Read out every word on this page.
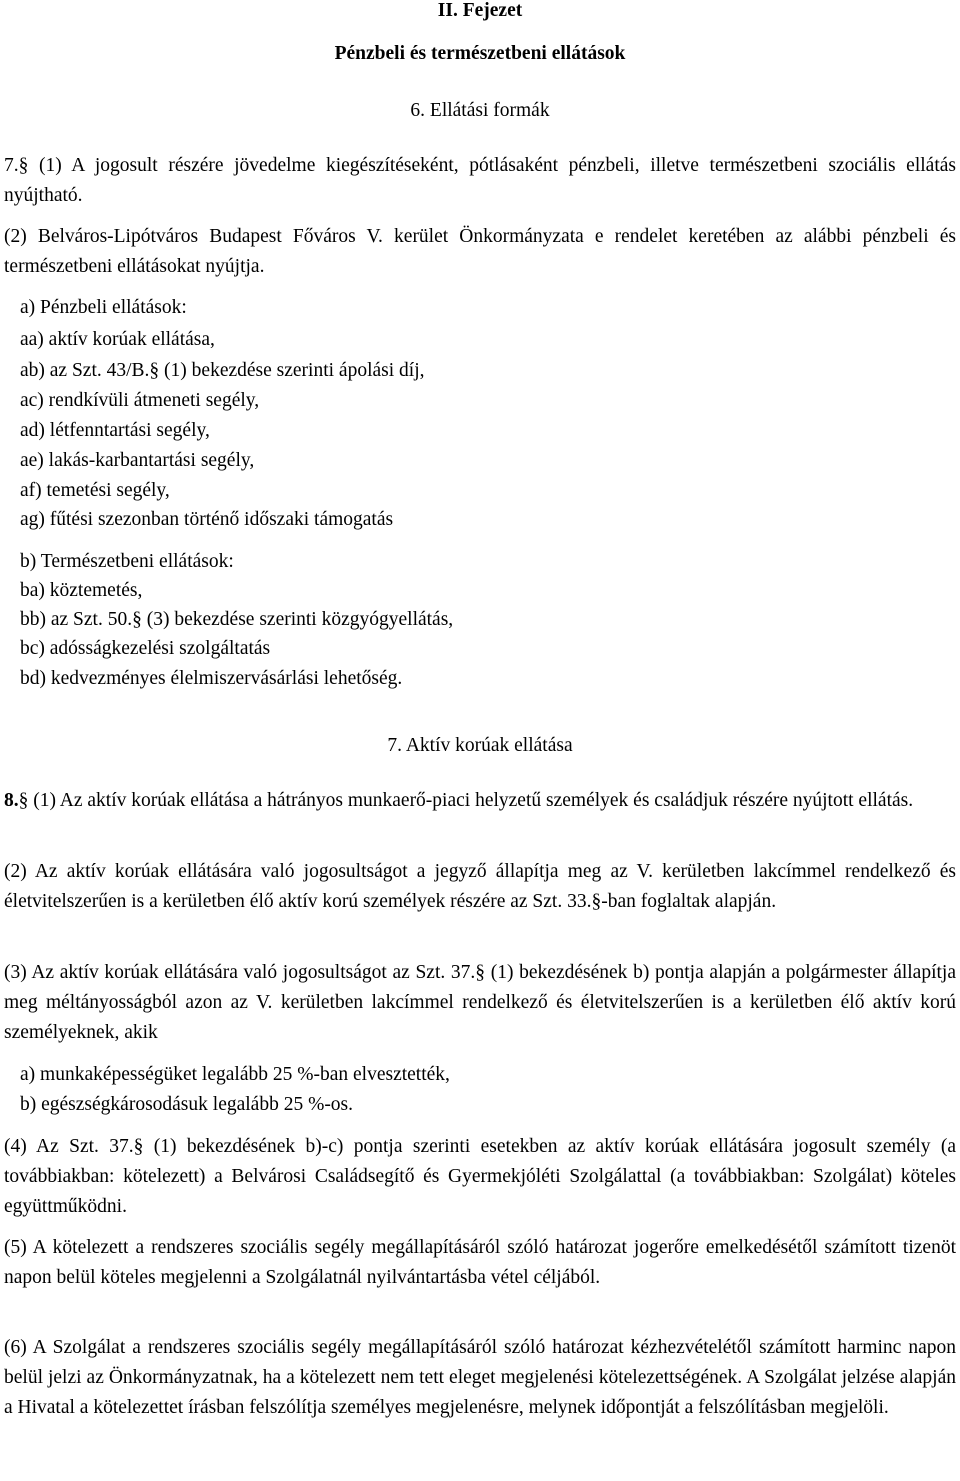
II. Fejezet
Pénzbeli és természetbeni ellátások
6. Ellátási formák
7.§ (1) A jogosult részére jövedelme kiegészítéseként, pótlásaként pénzbeli, illetve természetbeni szociális ellátás nyújtható.
(2) Belváros-Lipótváros Budapest Főváros V. kerület Önkormányzata e rendelet keretében az alábbi pénzbeli és természetbeni ellátásokat nyújtja.
a) Pénzbeli ellátások:
aa) aktív korúak ellátása,
ab) az Szt. 43/B.§ (1) bekezdése szerinti ápolási díj,
ac) rendkívüli átmeneti segély,
ad) létfenntartási segély,
ae) lakás-karbantartási segély,
af) temetési segély,
ag) fűtési szezonban történő időszaki támogatás
b) Természetbeni ellátások:
ba) köztemetés,
bb) az Szt. 50.§ (3) bekezdése szerinti közgyógyellátás,
bc) adósságkezelési szolgáltatás
bd) kedvezményes élelmiszervásárlási lehetőség.
7. Aktív korúak ellátása
8.§ (1) Az aktív korúak ellátása a hátrányos munkaerő-piaci helyzetű személyek és családjuk részére nyújtott ellátás.
(2) Az aktív korúak ellátására való jogosultságot a jegyző állapítja meg az V. kerületben lakcímmel rendelkező és életvitelszerűen is a kerületben élő aktív korú személyek részére az Szt. 33.§-ban foglaltak alapján.
(3) Az aktív korúak ellátására való jogosultságot az Szt. 37.§ (1) bekezdésének b) pontja alapján a polgármester állapítja meg méltányosságból azon az V. kerületben lakcímmel rendelkező és életvitelszerűen is a kerületben élő aktív korú személyeknek, akik
a) munkaképességüket legalább 25 %-ban elvesztették,
b) egészségkárosodásuk legalább 25 %-os.
(4) Az Szt. 37.§ (1) bekezdésének b)-c) pontja szerinti esetekben az aktív korúak ellátására jogosult személy (a továbbiakban: kötelezett) a Belvárosi Családsegítő és Gyermekjóléti Szolgálattal (a továbbiakban: Szolgálat) köteles együttműködni.
(5) A kötelezett a rendszeres szociális segély megállapításáról szóló határozat jogerőre emelkedésétől számított tizenöt napon belül köteles megjelenni a Szolgálatnál nyilvántartásba vétel céljából.
(6) A Szolgálat a rendszeres szociális segély megállapításáról szóló határozat kézhezvételétől számított harminc napon belül jelzi az Önkormányzatnak, ha a kötelezett nem tett eleget megjelenési kötelezettségének. A Szolgálat jelzése alapján a Hivatal a kötelezettet írásban felszólítja személyes megjelenésre, melynek időpontját a felszólításban megjelöli.
